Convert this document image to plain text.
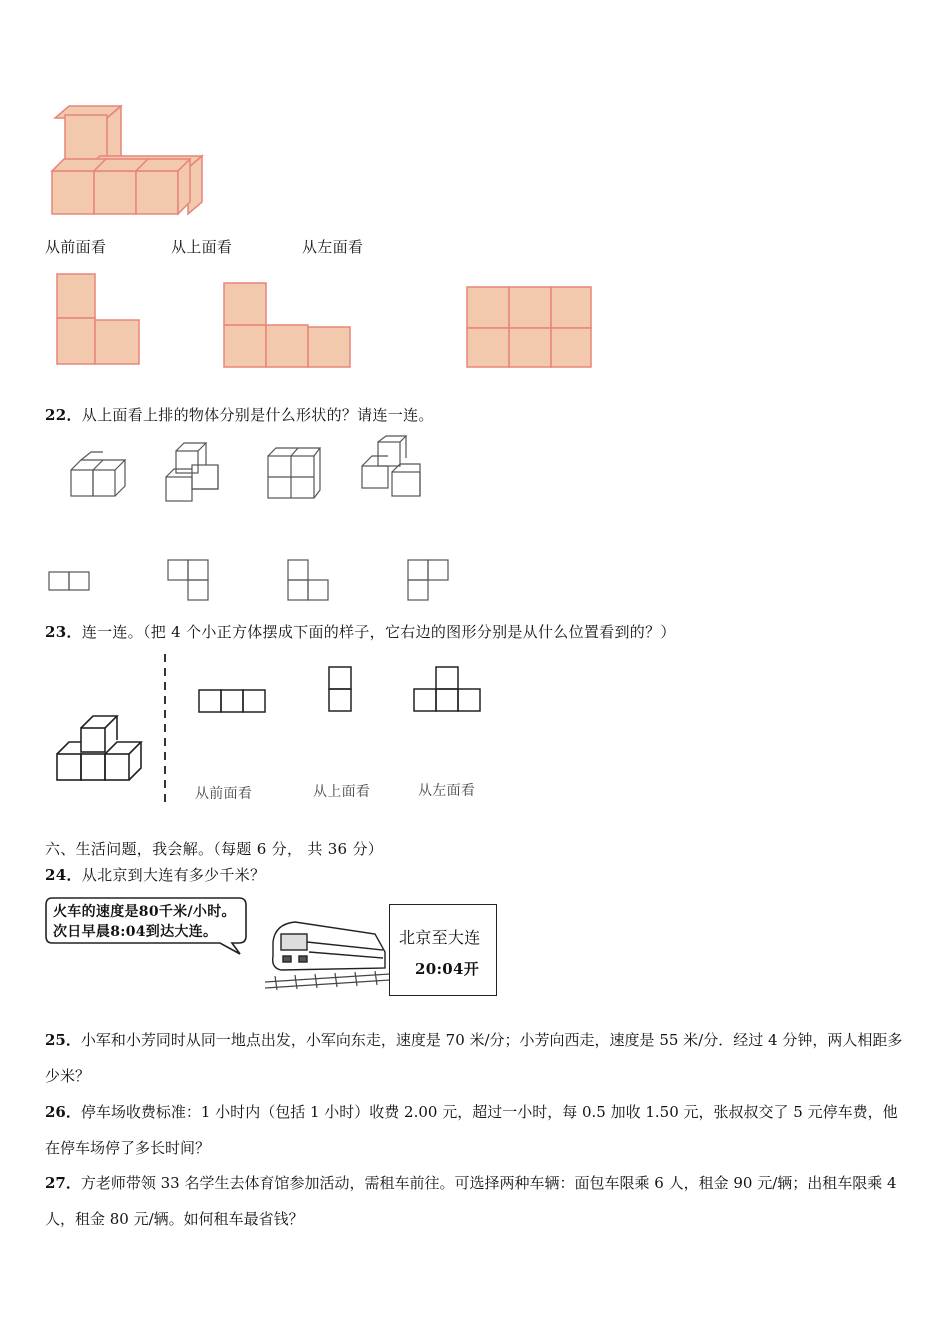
从前面看	从上面看	从左面看
22．从上面看上排的物体分别是什么形状的？请连一连。
23．连一连。（把 4 个小正方体摆成下面的样子，它右边的图形分别是从什么位置看到的？）
从前面看	从上面看	从左面看
六、生活问题，我会解。（每题 6 分， 共 36 分）
24．从北京到大连有多少千米？
火车的速度是80千米/小时。
次日早晨8:04到达大连。	北京至大连
20:04开
25．小军和小芳同时从同一地点出发，小军向东走，速度是 70 米/分；小芳向西走，速度是 55 米/分．经过 4 分钟，两人相距多少米？
26．停车场收费标准：1 小时内（包括 1 小时）收费 2.00 元，超过一小时，每 0.5 加收 1.50 元，张叔叔交了 5 元停车费，他在停车场停了多长时间？
27．方老师带领 33 名学生去体育馆参加活动，需租车前往。可选择两种车辆：面包车限乘 6 人，租金 90 元/辆；出租车限乘 4 人，租金 80 元/辆。如何租车最省钱？
